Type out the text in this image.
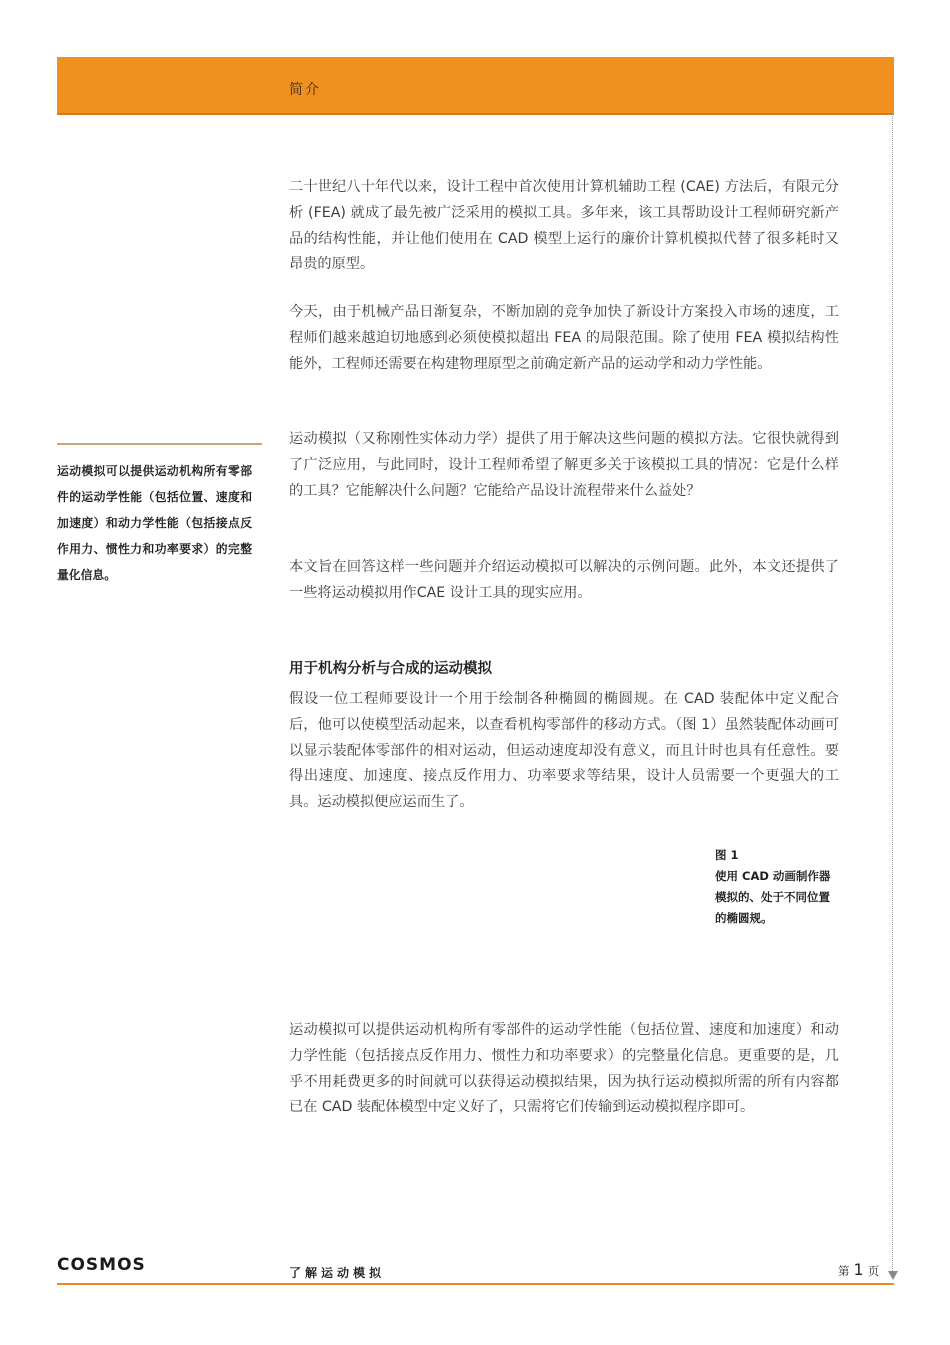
简介

二十世纪八十年代以来，设计工程中首次使用计算机辅助工程 (CAE) 方法后，有限元分析 (FEA) 就成了最先被广泛采用的模拟工具。多年来，该工具帮助设计工程师研究新产品的结构性能，并让他们使用在 CAD 模型上运行的廉价计算机模拟代替了很多耗时又昂贵的原型。

今天，由于机械产品日渐复杂，不断加剧的竞争加快了新设计方案投入市场的速度，工程师们越来越迫切地感到必须使模拟超出 FEA 的局限范围。除了使用 FEA 模拟结构性能外，工程师还需要在构建物理原型之前确定新产品的运动学和动力学性能。

运动模拟（又称刚性实体动力学）提供了用于解决这些问题的模拟方法。它很快就得到了广泛应用，与此同时，设计工程师希望了解更多关于该模拟工具的情况：它是什么样的工具？它能解决什么问题？它能给产品设计流程带来什么益处？

本文旨在回答这样一些问题并介绍运动模拟可以解决的示例问题。此外，本文还提供了一些将运动模拟用作CAE 设计工具的现实应用。

运动模拟可以提供运动机构所有零部件的运动学性能（包括位置、速度和加速度）和动力学性能（包括接点反作用力、惯性力和功率要求）的完整量化信息。

用于机构分析与合成的运动模拟

假设一位工程师要设计一个用于绘制各种椭圆的椭圆规。在 CAD 装配体中定义配合后，他可以使模型活动起来，以查看机构零部件的移动方式。（图 1）虽然装配体动画可以显示装配体零部件的相对运动，但运动速度却没有意义，而且计时也具有任意性。要得出速度、加速度、接点反作用力、功率要求等结果，设计人员需要一个更强大的工具。运动模拟便应运而生了。

图 1
使用 CAD 动画制作器模拟的、处于不同位置的椭圆规。

运动模拟可以提供运动机构所有零部件的运动学性能（包括位置、速度和加速度）和动力学性能（包括接点反作用力、惯性力和功率要求）的完整量化信息。更重要的是，几乎不用耗费更多的时间就可以获得运动模拟结果，因为执行运动模拟所需的所有内容都已在 CAD 装配体模型中定义好了，只需将它们传输到运动模拟程序即可。

COSMOS	了解运动模拟	第 1 页
